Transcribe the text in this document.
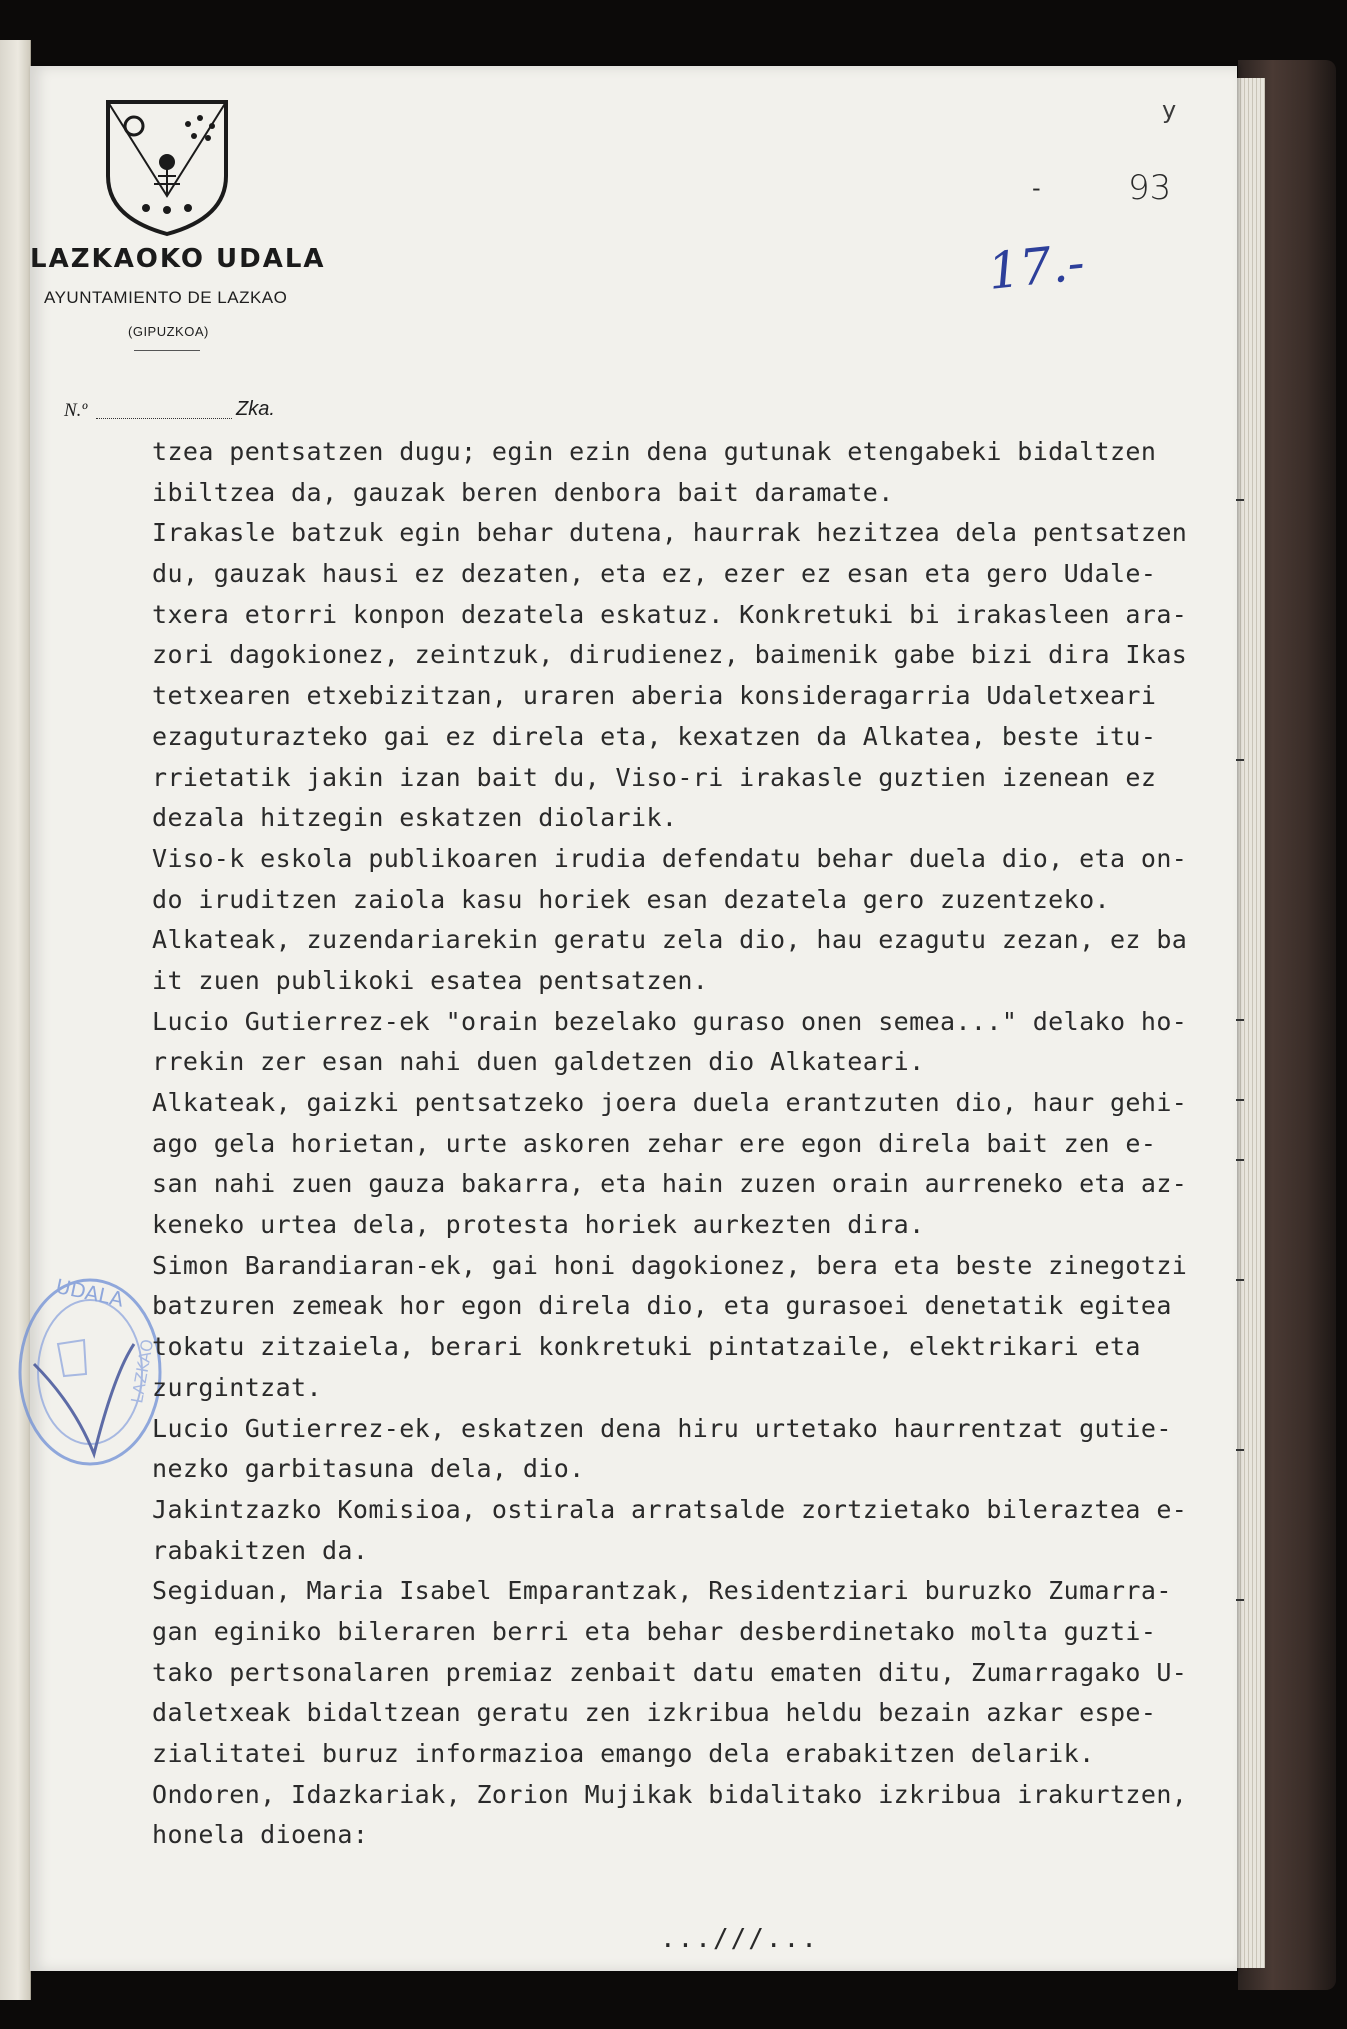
LAZKAOKO UDALA
AYUNTAMIENTO DE LAZKAO
(GIPUZKOA)
N.º	Zka.
y
-	93
17.-
UDALA
LAZKAO
tzea pentsatzen dugu; egin ezin dena gutunak etengabeki bidaltzen
ibiltzea da, gauzak beren denbora bait daramate.
Irakasle batzuk egin behar dutena, haurrak hezitzea dela pentsatzen
du, gauzak hausi ez dezaten, eta ez, ezer ez esan eta gero Udale-
txera etorri konpon dezatela eskatuz. Konkretuki bi irakasleen ara-
zori dagokionez, zeintzuk, dirudienez, baimenik gabe bizi dira Ikas
tetxearen etxebizitzan, uraren aberia konsideragarria Udaletxeari
ezaguturazteko gai ez direla eta, kexatzen da Alkatea, beste itu-
rrietatik jakin izan bait du, Viso-ri irakasle guztien izenean ez
dezala hitzegin eskatzen diolarik.
Viso-k eskola publikoaren irudia defendatu behar duela dio, eta on-
do iruditzen zaiola kasu horiek esan dezatela gero zuzentzeko.
Alkateak, zuzendariarekin geratu zela dio, hau ezagutu zezan, ez ba
it zuen publikoki esatea pentsatzen.
Lucio Gutierrez-ek "orain bezelako guraso onen semea..." delako ho-
rrekin zer esan nahi duen galdetzen dio Alkateari.
Alkateak, gaizki pentsatzeko joera duela erantzuten dio, haur gehi-
ago gela horietan, urte askoren zehar ere egon direla bait zen e-
san nahi zuen gauza bakarra, eta hain zuzen orain aurreneko eta az-
keneko urtea dela, protesta horiek aurkezten dira.
Simon Barandiaran-ek, gai honi dagokionez, bera eta beste zinegotzi
batzuren zemeak hor egon direla dio, eta gurasoei denetatik egitea
tokatu zitzaiela, berari konkretuki pintatzaile, elektrikari eta
zurgintzat.
Lucio Gutierrez-ek, eskatzen dena hiru urtetako haurrentzat gutie-
nezko garbitasuna dela, dio.
Jakintzazko Komisioa, ostirala arratsalde zortzietako bileraztea e-
rabakitzen da.
Segiduan, Maria Isabel Emparantzak, Residentziari buruzko Zumarra-
gan eginiko bileraren berri eta behar desberdinetako molta guzti-
tako pertsonalaren premiaz zenbait datu ematen ditu, Zumarragako U-
daletxeak bidaltzean geratu zen izkribua heldu bezain azkar espe-
zialitatei buruz informazioa emango dela erabakitzen delarik.
Ondoren, Idazkariak, Zorion Mujikak bidalitako izkribua irakurtzen,
honela dioena:
...///...
